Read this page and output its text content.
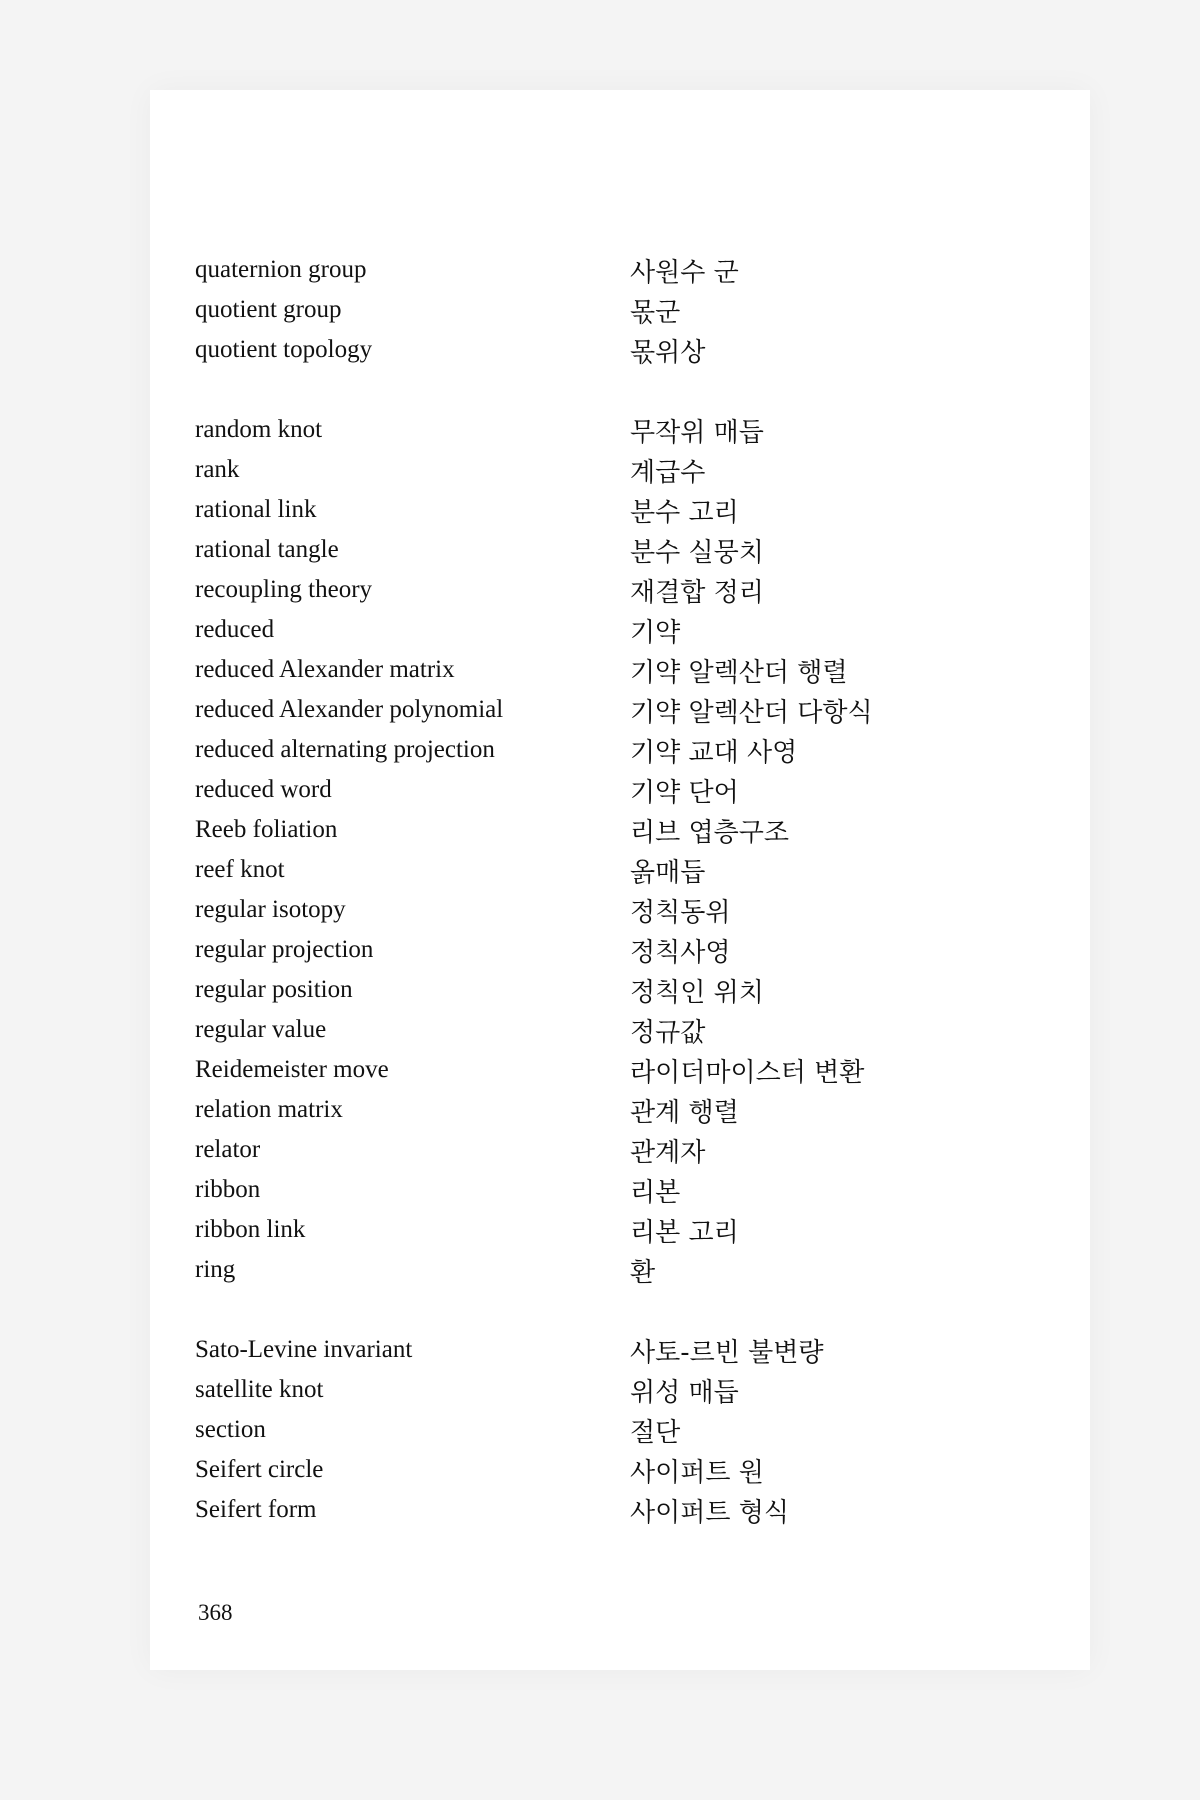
quaternion group	사원수 군
quotient group	몫군
quotient topology	몫위상
random knot	무작위 매듭
rank	계급수
rational link	분수 고리
rational tangle	분수 실뭉치
recoupling theory	재결합 정리
reduced	기약
reduced Alexander matrix	기약 알렉산더 행렬
reduced Alexander polynomial	기약 알렉산더 다항식
reduced alternating projection	기약 교대 사영
reduced word	기약 단어
Reeb foliation	리브 엽층구조
reef knot	옭매듭
regular isotopy	정칙동위
regular projection	정칙사영
regular position	정칙인 위치
regular value	정규값
Reidemeister move	라이더마이스터 변환
relation matrix	관계 행렬
relator	관계자
ribbon	리본
ribbon link	리본 고리
ring	환
Sato-Levine invariant	사토-르빈 불변량
satellite knot	위성 매듭
section	절단
Seifert circle	사이퍼트 원
Seifert form	사이퍼트 형식
368
